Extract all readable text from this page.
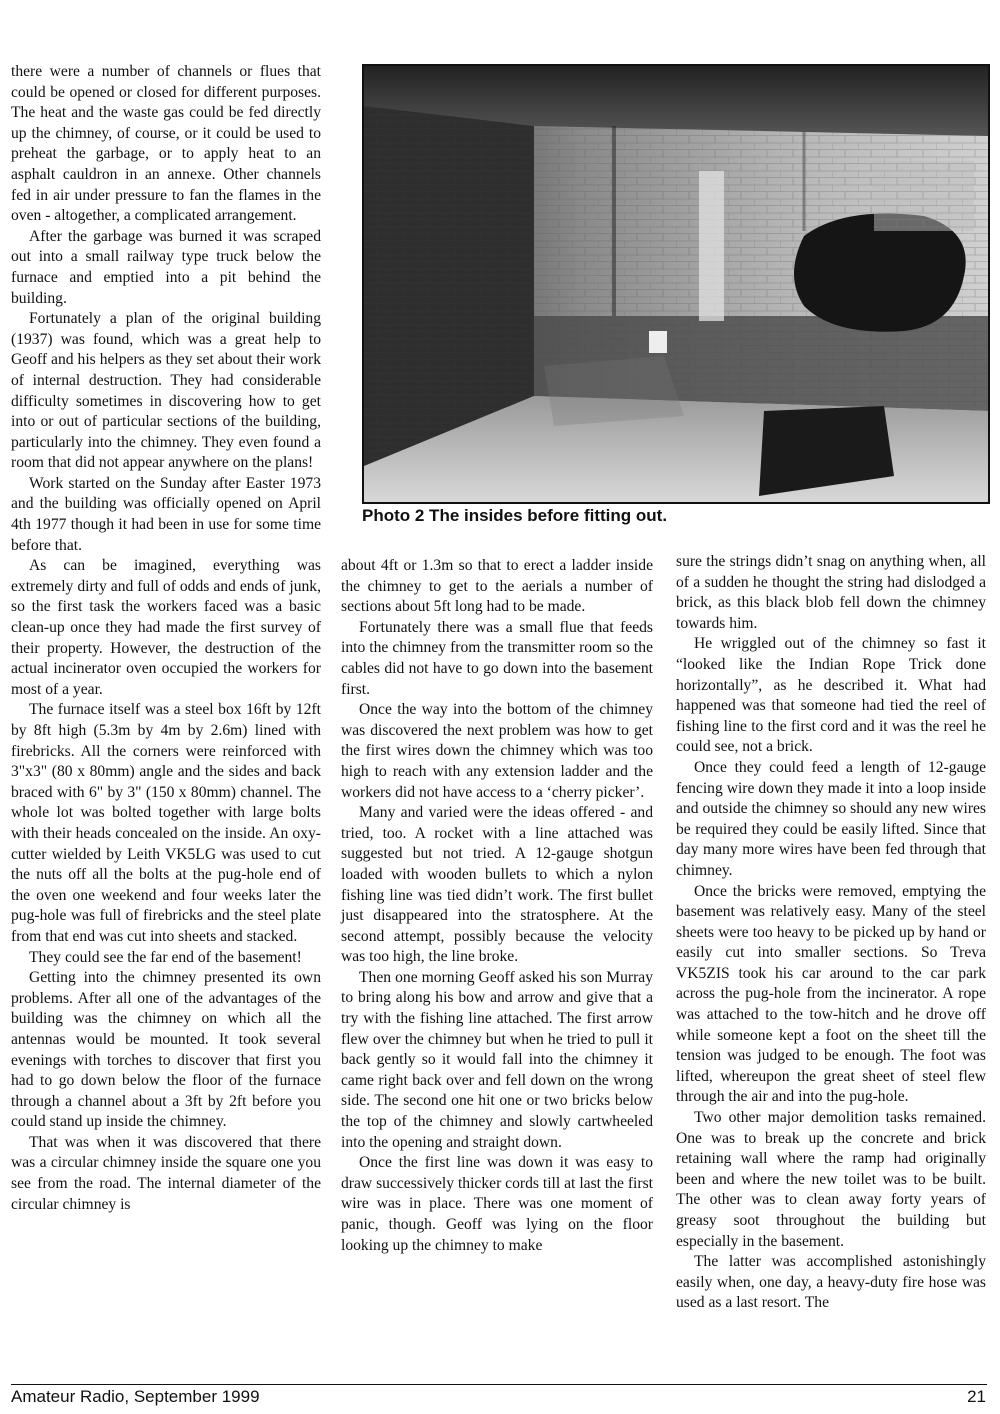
there were a number of channels or flues that could be opened or closed for different purposes. The heat and the waste gas could be fed directly up the chimney, of course, or it could be used to preheat the garbage, or to apply heat to an asphalt cauldron in an annexe. Other channels fed in air under pressure to fan the flames in the oven - altogether, a complicated arrangement.

After the garbage was burned it was scraped out into a small railway type truck below the furnace and emptied into a pit behind the building.

Fortunately a plan of the original building (1937) was found, which was a great help to Geoff and his helpers as they set about their work of internal destruction. They had considerable difficulty sometimes in discovering how to get into or out of particular sections of the building, particularly into the chimney. They even found a room that did not appear anywhere on the plans!

Work started on the Sunday after Easter 1973 and the building was officially opened on April 4th 1977 though it had been in use for some time before that.

As can be imagined, everything was extremely dirty and full of odds and ends of junk, so the first task the workers faced was a basic clean-up once they had made the first survey of their property. However, the destruction of the actual incinerator oven occupied the workers for most of a year.

The furnace itself was a steel box 16ft by 12ft by 8ft high (5.3m by 4m by 2.6m) lined with firebricks. All the corners were reinforced with 3"x3" (80 x 80mm) angle and the sides and back braced with 6" by 3" (150 x 80mm) channel. The whole lot was bolted together with large bolts with their heads concealed on the inside. An oxy-cutter wielded by Leith VK5LG was used to cut the nuts off all the bolts at the pug-hole end of the oven one weekend and four weeks later the pug-hole was full of firebricks and the steel plate from that end was cut into sheets and stacked.

They could see the far end of the basement!

Getting into the chimney presented its own problems. After all one of the advantages of the building was the chimney on which all the antennas would be mounted. It took several evenings with torches to discover that first you had to go down below the floor of the furnace through a channel about a 3ft by 2ft before you could stand up inside the chimney.

That was when it was discovered that there was a circular chimney inside the square one you see from the road. The internal diameter of the circular chimney is

Photo 2 The insides before fitting out.

about 4ft or 1.3m so that to erect a ladder inside the chimney to get to the aerials a number of sections about 5ft long had to be made.

Fortunately there was a small flue that feeds into the chimney from the transmitter room so the cables did not have to go down into the basement first.

Once the way into the bottom of the chimney was discovered the next problem was how to get the first wires down the chimney which was too high to reach with any extension ladder and the workers did not have access to a ‘cherry picker’.

Many and varied were the ideas offered - and tried, too. A rocket with a line attached was suggested but not tried. A 12-gauge shotgun loaded with wooden bullets to which a nylon fishing line was tied didn’t work. The first bullet just disappeared into the stratosphere. At the second attempt, possibly because the velocity was too high, the line broke.

Then one morning Geoff asked his son Murray to bring along his bow and arrow and give that a try with the fishing line attached. The first arrow flew over the chimney but when he tried to pull it back gently so it would fall into the chimney it came right back over and fell down on the wrong side. The second one hit one or two bricks below the top of the chimney and slowly cartwheeled into the opening and straight down.

Once the first line was down it was easy to draw successively thicker cords till at last the first wire was in place. There was one moment of panic, though. Geoff was lying on the floor looking up the chimney to make

sure the strings didn’t snag on anything when, all of a sudden he thought the string had dislodged a brick, as this black blob fell down the chimney towards him.

He wriggled out of the chimney so fast it “looked like the Indian Rope Trick done horizontally”, as he described it. What had happened was that someone had tied the reel of fishing line to the first cord and it was the reel he could see, not a brick.

Once they could feed a length of 12-gauge fencing wire down they made it into a loop inside and outside the chimney so should any new wires be required they could be easily lifted. Since that day many more wires have been fed through that chimney.

Once the bricks were removed, emptying the basement was relatively easy. Many of the steel sheets were too heavy to be picked up by hand or easily cut into smaller sections. So Treva VK5ZIS took his car around to the car park across the pug-hole from the incinerator. A rope was attached to the tow-hitch and he drove off while someone kept a foot on the sheet till the tension was judged to be enough. The foot was lifted, whereupon the great sheet of steel flew through the air and into the pug-hole.

Two other major demolition tasks remained. One was to break up the concrete and brick retaining wall where the ramp had originally been and where the new toilet was to be built. The other was to clean away forty years of greasy soot throughout the building but especially in the basement.

The latter was accomplished astonishingly easily when, one day, a heavy-duty fire hose was used as a last resort. The

Amateur Radio, September 1999	21
